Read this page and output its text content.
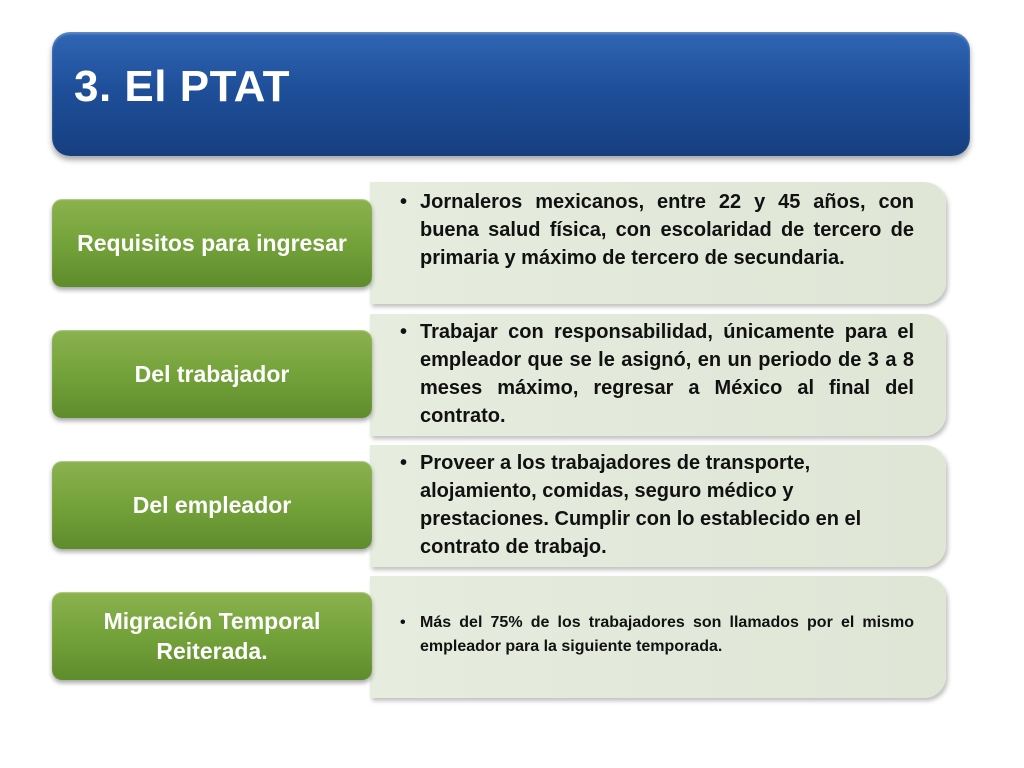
3. El PTAT
• Jornaleros mexicanos, entre 22 y 45 años, con buena salud física, con escolaridad de tercero de primaria y máximo de tercero de secundaria.
Requisitos para ingresar
• Trabajar con responsabilidad, únicamente para el empleador que se le asignó, en un periodo de 3 a 8 meses máximo, regresar a México al final del contrato.
Del trabajador
• Proveer a los trabajadores de transporte, alojamiento, comidas, seguro médico y prestaciones. Cumplir con lo establecido en el contrato de trabajo.
Del empleador
• Más del 75% de los trabajadores son llamados por el mismo empleador para la siguiente temporada.
Migración Temporal
Reiterada.
